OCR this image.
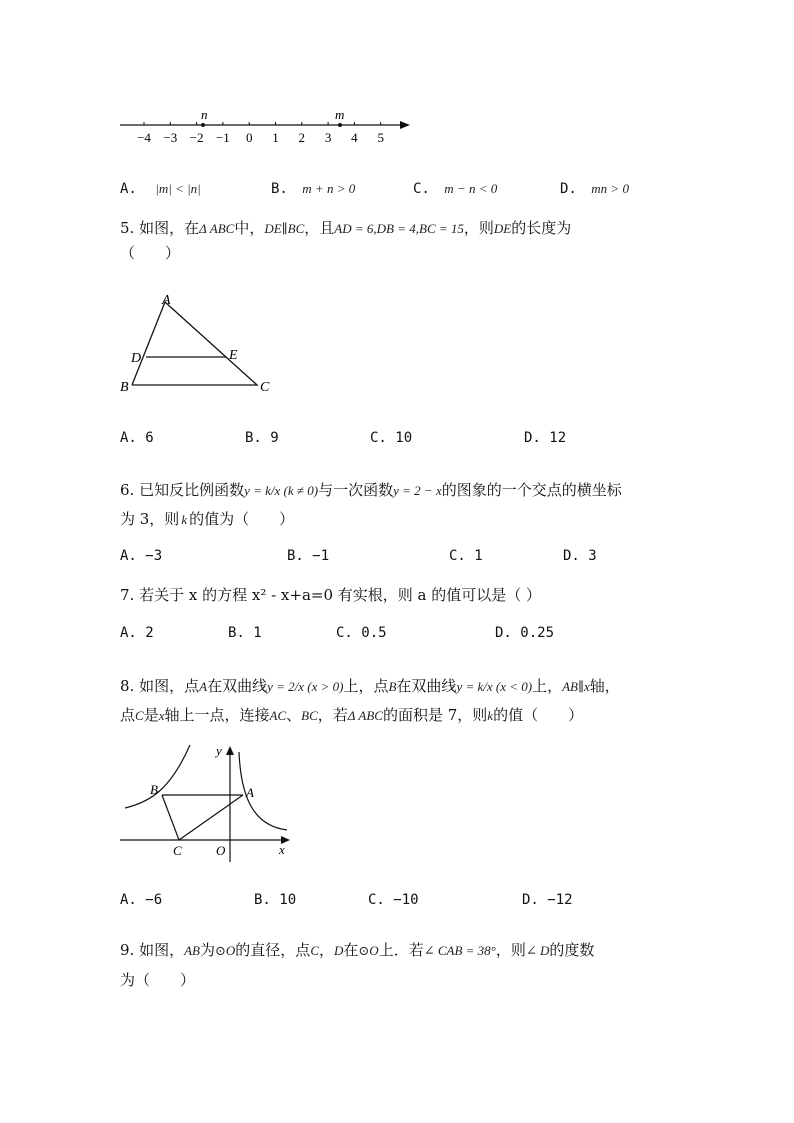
−4 −3 −2 −1 0 1 2 3 4 5
n	m
A. |m| < |n|	B. m + n > 0	C. m − n < 0	D. mn > 0
5. 如图，在Δ ABC中，DE∥BC，且AD = 6,DB = 4,BC = 15，则DE的长度为
（　　）
A
B	C
D	E
A. 6	B. 9	C. 10	D. 12
6. 已知反比例函数y = k/x (k ≠ 0)与一次函数y = 2 − x的图象的一个交点的横坐标
为 3，则 k 的值为（　　）
A. −3	B. −1	C. 1	D. 3
7. 若关于 x 的方程 x² - x+a=0 有实根，则 a 的值可以是（ ）
A. 2	B. 1	C. 0.5	D. 0.25
8. 如图，点A在双曲线y = 2/x (x > 0)上，点B在双曲线y = k/x (x < 0)上，AB∥x轴，
点C是x轴上一点，连接AC、BC，若Δ ABC的面积是 7，则k的值（　　）
y
B	A
C	O	x
A. −6	B. 10	C. −10	D. −12
9. 如图，AB为⊙O的直径，点C，D在⊙O上．若∠ CAB = 38°，则∠ D的度数
为（　　）
